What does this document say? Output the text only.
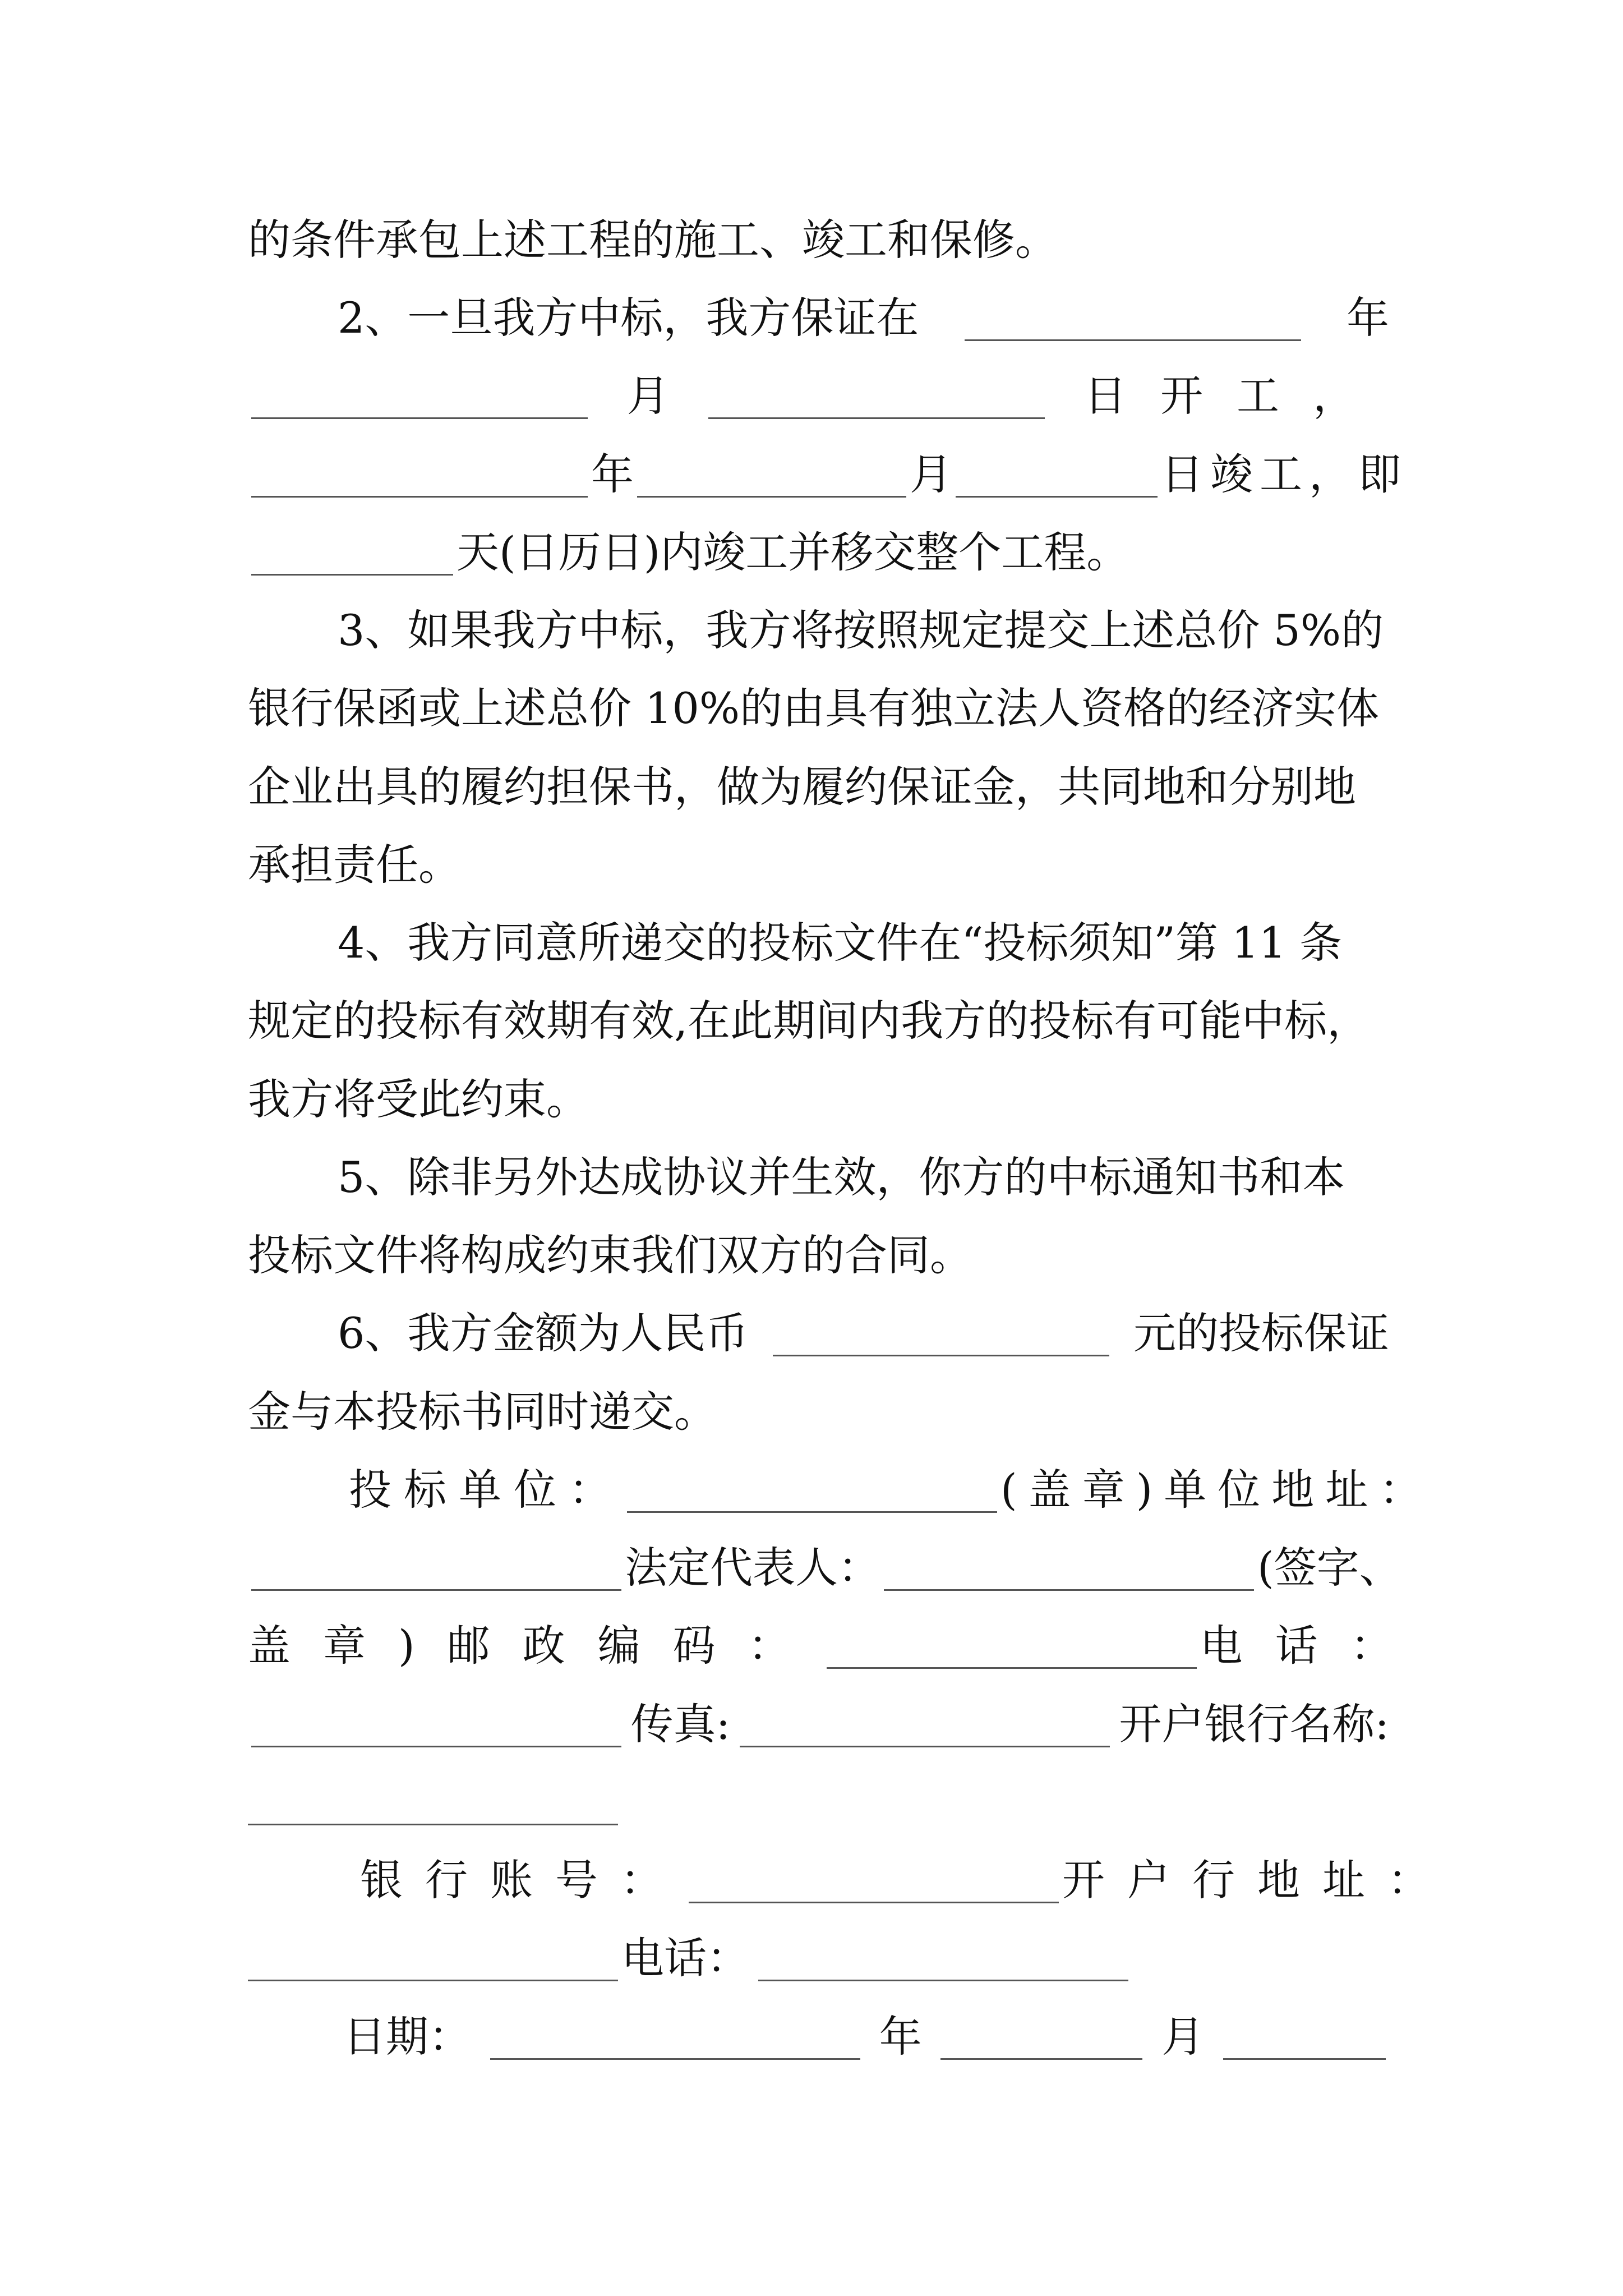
的条件承包上述工程的施工、竣工和保修。
2、一旦我方中标，我方保证在	年
月	日开工，
年	月	日竣工，即
天(日历日)内竣工并移交整个工程。
3、如果我方中标，我方将按照规定提交上述总价 5%的
银行保函或上述总价 10%的由具有独立法人资格的经济实体
企业出具的履约担保书，做为履约保证金，共同地和分别地
承担责任。
4、我方同意所递交的投标文件在“投标须知”第 11 条
规定的投标有效期有效,在此期间内我方的投标有可能中标，
我方将受此约束。
5、除非另外达成协议并生效，你方的中标通知书和本
投标文件将构成约束我们双方的合同。
6、我方金额为人民币	元的投标保证
金与本投标书同时递交。
投标单位：	(盖章)单位地址：
法定代表人：	(签字、
盖章)邮政编码：	电话：
传真:	开户银行名称:
银行账号：	开户行地址：
电话：
日期：	年	月
